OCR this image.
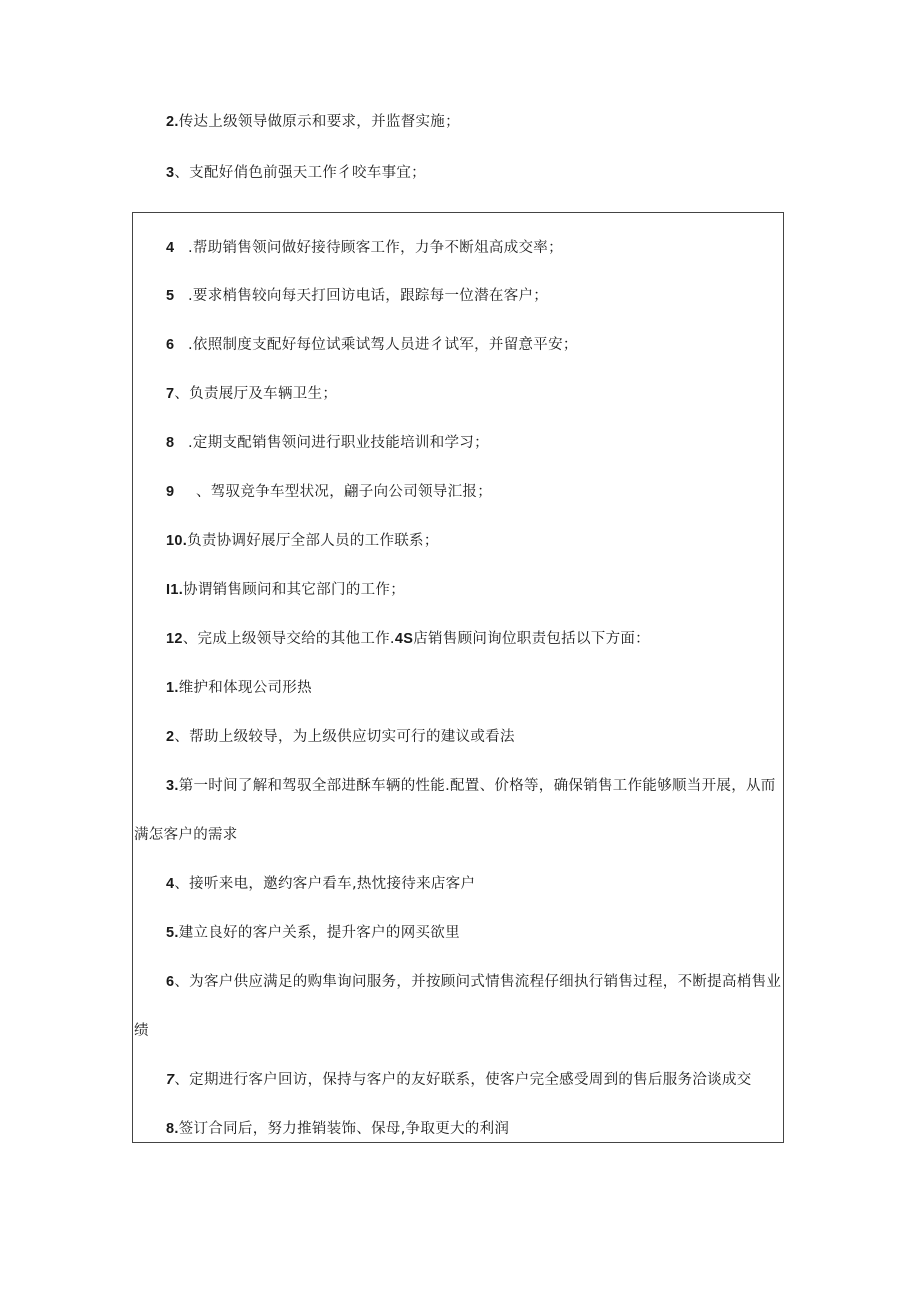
2.传达上级领导做原示和要求，并监督实施；
3、支配好俏色前强天工作彳咬车事宜；
4 .帮助销售领问做好接待顾客工作，力争不断俎高成交率；
5 .要求梢售较向每天打回访电话，跟踪每一位潜在客户；
6 .依照制度支配好每位试乘试驾人员进彳试军，并留意平安；
7、负责展厅及车辆卫生；
8 .定期支配销售领问进行职业技能培训和学习；
9 、驾驭竞争车型状况，翩子向公司领导汇报；
10.负责协调好展厅全部人员的工作联系；
I1.协谓销售顾问和其它部门的工作；
12、完成上级领导交给的其他工作.4S店销售顾问询位职责包括以下方面：
1.维护和体现公司形热
2、帮助上级较导，为上级供应切实可行的建议或看法
3.第一时间了解和驾驭全部进酥车辆的性能.配置、价格等，确保销售工作能够顺当开展，从而
满怎客户的需求
4、接听来电，邀约客户看车,热忱接待来店客户
5.建立良好的客户关系，提升客户的网买欲里
6、为客户供应满足的购隼询问服务，并按顾问式情售流程仔细执行销售过程，不断提高梢售业
绩
7、定期进行客户回访，保持与客户的友好联系，使客户完全感受周到的售后服务洽谈成交
8.签订合同后，努力推销装饰、保母,争取更大的利润
